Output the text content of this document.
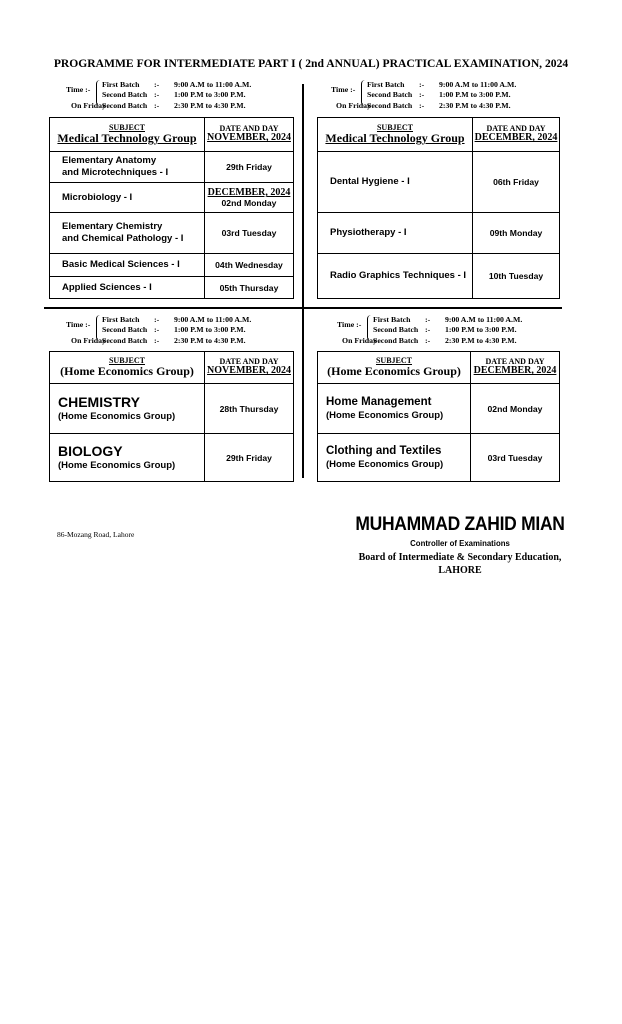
PROGRAMME FOR INTERMEDIATE PART I ( 2nd ANNUAL) PRACTICAL EXAMINATION, 2024
Time :-
First Batch :- 9:00 A.M to 11:00 A.M.
Second Batch :- 1:00 P.M to 3:00 P.M.
On Friday
Second Batch :- 2:30 P.M to 4:30 P.M.
Time :-
First Batch :- 9:00 A.M to 11:00 A.M.
Second Batch :- 1:00 P.M to 3:00 P.M.
On Friday
Second Batch :- 2:30 P.M to 4:30 P.M.
SUBJECT
Medical Technology Group	DATE AND DAY
NOVEMBER, 2024

Elementary Anatomy
and Microtechniques - I	29th Friday
Microbiology - I	DECEMBER, 2024
02nd Monday

Elementary Chemistry
and Chemical Pathology - I	03rd Tuesday
Basic Medical Sciences - I	04th Wednesday
Applied Sciences - I	05th Thursday
SUBJECT
Medical Technology Group	DATE AND DAY
DECEMBER, 2024

Dental Hygiene - I	06th Friday
Physiotherapy - I	09th Monday
Radio Graphics Techniques - I	10th Tuesday
Time :-
First Batch :- 9:00 A.M to 11:00 A.M.
Second Batch :- 1:00 P.M to 3:00 P.M.
On Friday
Second Batch :- 2:30 P.M to 4:30 P.M.
Time :-
First Batch :- 9:00 A.M to 11:00 A.M.
Second Batch :- 1:00 P.M to 3:00 P.M.
On Friday
Second Batch :- 2:30 P.M to 4:30 P.M.
SUBJECT
(Home Economics Group)	DATE AND DAY
NOVEMBER, 2024

CHEMISTRY
(Home Economics Group)	28th Thursday

BIOLOGY
(Home Economics Group)	29th Friday
SUBJECT
(Home Economics Group)	DATE AND DAY
DECEMBER, 2024

Home Management
(Home Economics Group)	02nd Monday

Clothing and Textiles
(Home Economics Group)	03rd Tuesday
86-Mozang Road, Lahore	MUHAMMAD ZAHID MIAN
Controller of Examinations
Board of Intermediate & Secondary Education,
LAHORE
